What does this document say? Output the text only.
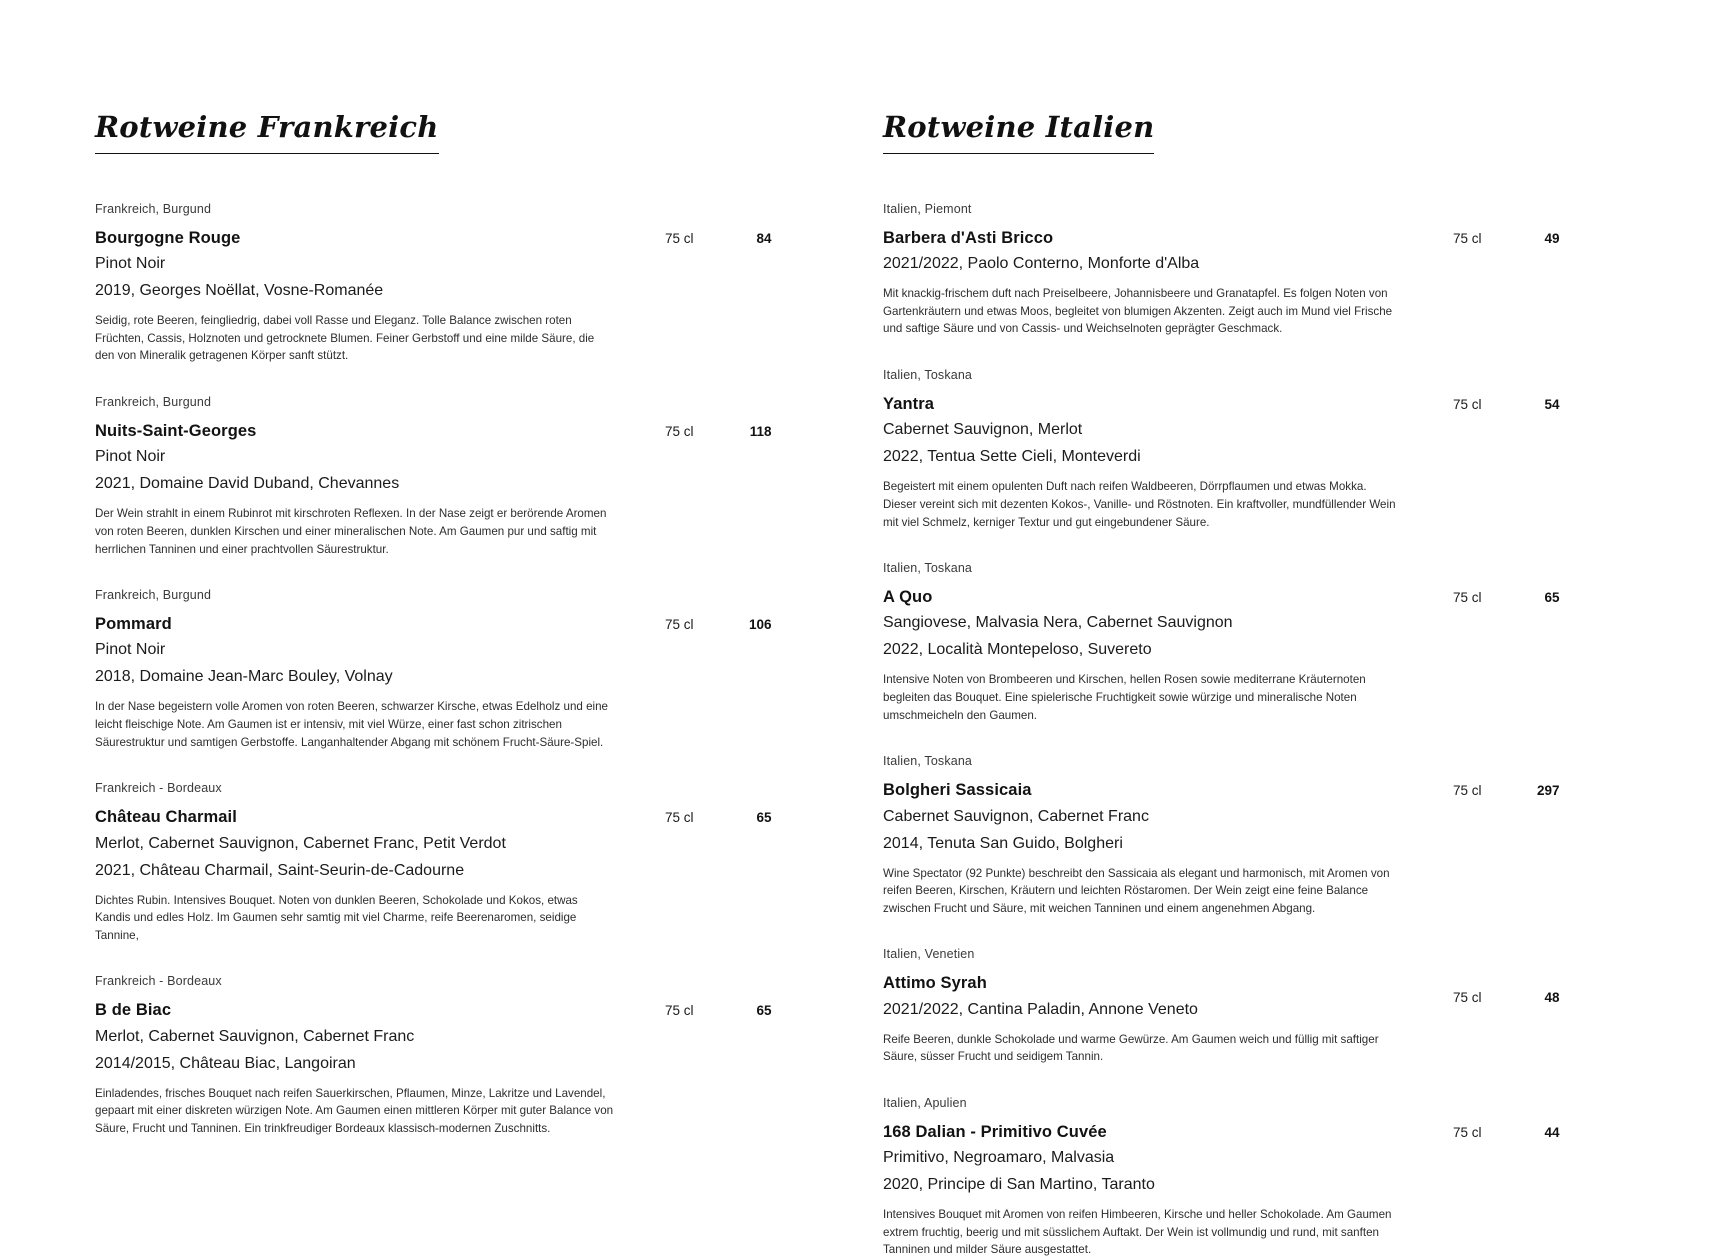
Rotweine Frankreich
Frankreich, Burgund
Bourgogne Rouge
Pinot Noir
2019, Georges Noëllat, Vosne-Romanée
75 cl	84
Seidig, rote Beeren, feingliedrig, dabei voll Rasse und Eleganz. Tolle Balance zwischen roten Früchten, Cassis, Holznoten und getrocknete Blumen. Feiner Gerbstoff und eine milde Säure, die den von Mineralik getragenen Körper sanft stützt.
Frankreich, Burgund
Nuits-Saint-Georges
Pinot Noir
2021, Domaine David Duband, Chevannes
75 cl	118
Der Wein strahlt in einem Rubinrot mit kirschroten Reflexen. In der Nase zeigt er berörende Aromen von roten Beeren, dunklen Kirschen und einer mineralischen Note. Am Gaumen pur und saftig mit herrlichen Tanninen und einer prachtvollen Säurestruktur.
Frankreich, Burgund
Pommard
Pinot Noir
2018, Domaine Jean-Marc Bouley, Volnay
75 cl	106
In der Nase begeistern volle Aromen von roten Beeren, schwarzer Kirsche, etwas Edelholz und eine leicht fleischige Note. Am Gaumen ist er intensiv, mit viel Würze, einer fast schon zitrischen Säurestruktur und samtigen Gerbstoffe. Langanhaltender Abgang mit schönem Frucht-Säure-Spiel.
Frankreich - Bordeaux
Château Charmail
Merlot, Cabernet Sauvignon, Cabernet Franc, Petit Verdot
2021, Château Charmail, Saint-Seurin-de-Cadourne
75 cl	65
Dichtes Rubin. Intensives Bouquet. Noten von dunklen Beeren, Schokolade und Kokos, etwas Kandis und edles Holz. Im Gaumen sehr samtig mit viel Charme, reife Beerenaromen, seidige Tannine,
Frankreich - Bordeaux
B de Biac
Merlot, Cabernet Sauvignon, Cabernet Franc
2014/2015, Château Biac, Langoiran
75 cl	65
Einladendes, frisches Bouquet nach reifen Sauerkirschen, Pflaumen, Minze, Lakritze und Lavendel, gepaart mit einer diskreten würzigen Note. Am Gaumen einen mittleren Körper mit guter Balance von Säure, Frucht und Tanninen. Ein trinkfreudiger Bordeaux klassisch-modernen Zuschnitts.
Rotweine Italien
Italien, Piemont
Barbera d'Asti Bricco
2021/2022, Paolo Conterno, Monforte d'Alba
75 cl	49
Mit knackig-frischem duft nach Preiselbeere, Johannisbeere und Granatapfel. Es folgen Noten von Gartenkräutern und etwas Moos, begleitet von blumigen Akzenten. Zeigt auch im Mund viel Frische und saftige Säure und von Cassis- und Weichselnoten geprägter Geschmack.
Italien, Toskana
Yantra
Cabernet Sauvignon, Merlot
2022, Tentua Sette Cieli, Monteverdi
75 cl	54
Begeistert mit einem opulenten Duft nach reifen Waldbeeren, Dörrpflaumen und etwas Mokka. Dieser vereint sich mit dezenten Kokos-, Vanille- und Röstnoten. Ein kraftvoller, mundfüllender Wein mit viel Schmelz, kerniger Textur und gut eingebundener Säure.
Italien, Toskana
A Quo
Sangiovese, Malvasia Nera, Cabernet Sauvignon
2022, Località Montepeloso, Suvereto
75 cl	65
Intensive Noten von Brombeeren und Kirschen, hellen Rosen sowie mediterrane Kräuternoten begleiten das Bouquet. Eine spielerische Fruchtigkeit sowie würzige und mineralische Noten umschmeicheln den Gaumen.
Italien, Toskana
Bolgheri Sassicaia
Cabernet Sauvignon, Cabernet Franc
2014, Tenuta San Guido, Bolgheri
75 cl	297
Wine Spectator (92 Punkte) beschreibt den Sassicaia als elegant und harmonisch, mit Aromen von reifen Beeren, Kirschen, Kräutern und leichten Röstaromen. Der Wein zeigt eine feine Balance zwischen Frucht und Säure, mit weichen Tanninen und einem angenehmen Abgang.
Italien, Venetien
Attimo Syrah
2021/2022, Cantina Paladin, Annone Veneto
75 cl	48
Reife Beeren, dunkle Schokolade und warme Gewürze. Am Gaumen weich und füllig mit saftiger Säure, süsser Frucht und seidigem Tannin.
Italien, Apulien
168 Dalian - Primitivo Cuvée
Primitivo, Negroamaro, Malvasia
2020, Principe di San Martino, Taranto
75 cl	44
Intensives Bouquet mit Aromen von reifen Himbeeren, Kirsche und heller Schokolade. Am Gaumen extrem fruchtig, beerig und mit süsslichem Auftakt. Der Wein ist vollmundig und rund, mit sanften Tanninen und milder Säure ausgestattet.
